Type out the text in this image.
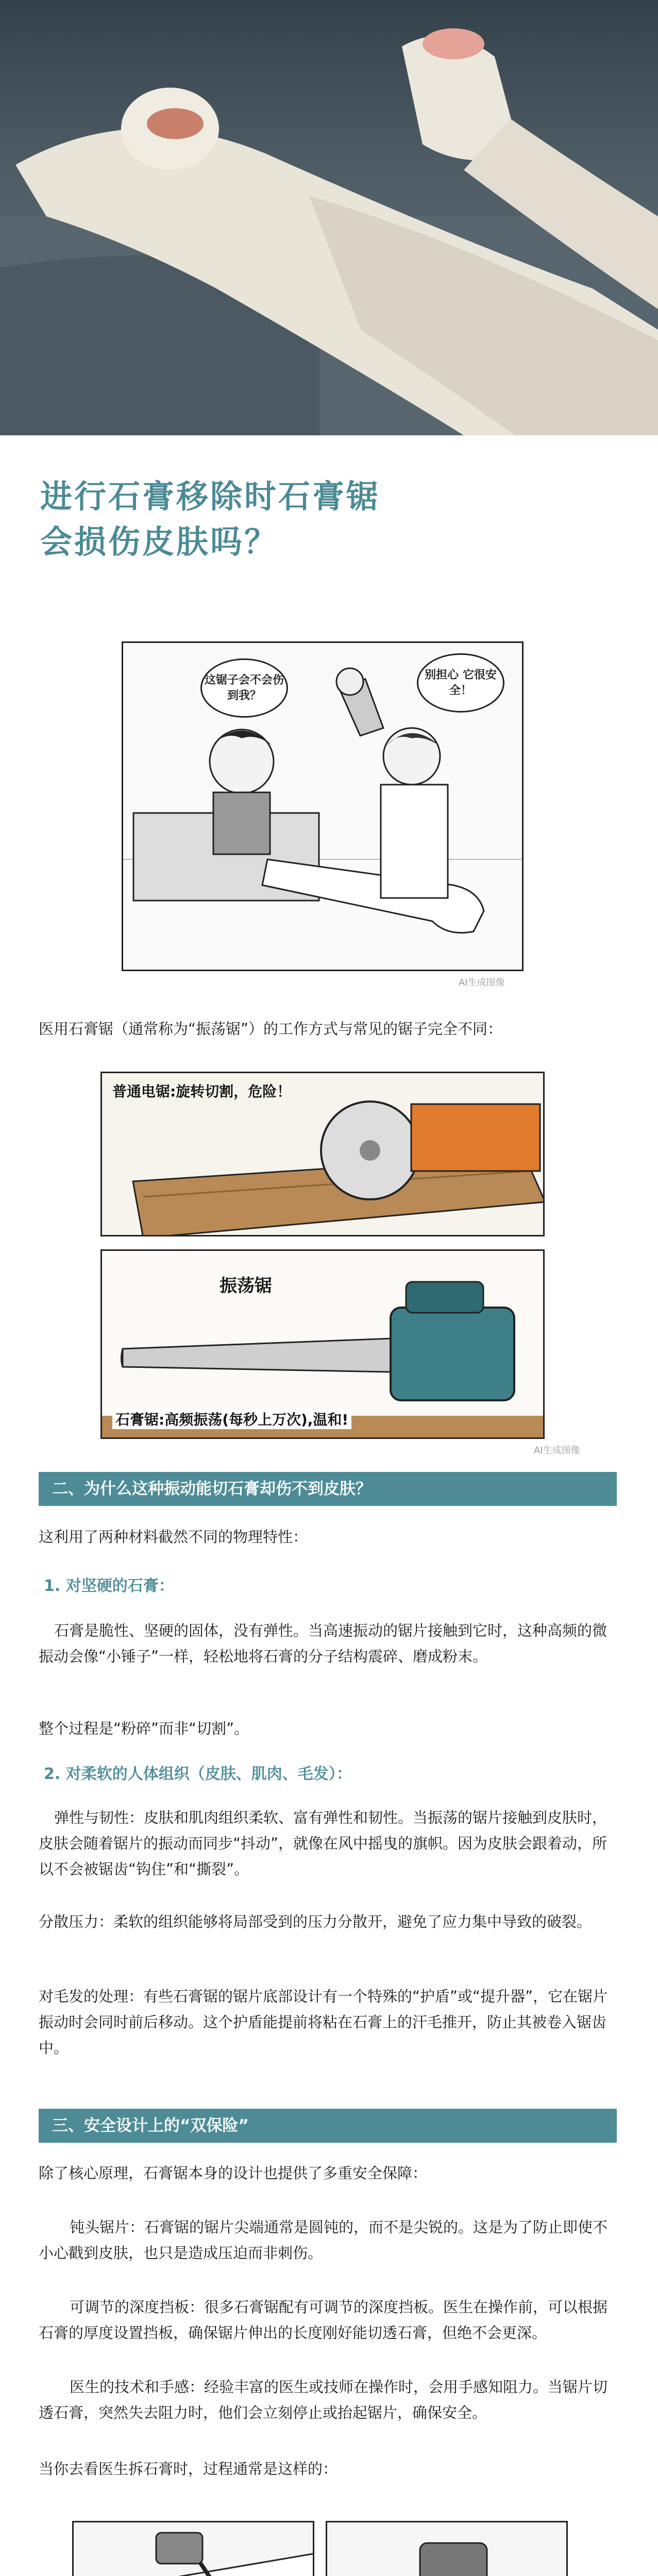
进行石膏移除时石膏锯
会损伤皮肤吗？
这锯子会不会伤到我？
别担心 它很安全！
AI生成图像

医用石膏锯（通常称为“振荡锯”）的工作方式与常见的锯子完全不同：

普通电锯:旋转切割，危险！
振荡锯
石膏锯:高频振荡(每秒上万次),温和!
AI生成图像
二、为什么这种振动能切石膏却伤不到皮肤？

这利用了两种材料截然不同的物理特性：

1. 对坚硬的石膏：

石膏是脆性、坚硬的固体，没有弹性。当高速振动的锯片接触到它时，这种高频的微振动会像“小锤子”一样，轻松地将石膏的分子结构震碎、磨成粉末。

整个过程是“粉碎”而非“切割”。

2. 对柔软的人体组织（皮肤、肌肉、毛发）：

弹性与韧性：皮肤和肌肉组织柔软、富有弹性和韧性。当振荡的锯片接触到皮肤时，皮肤会随着锯片的振动而同步“抖动”，就像在风中摇曳的旗帜。因为皮肤会跟着动，所以不会被锯齿“钩住”和“撕裂”。

分散压力：柔软的组织能够将局部受到的压力分散开，避免了应力集中导致的破裂。

对毛发的处理：有些石膏锯的锯片底部设计有一个特殊的“护盾”或“提升器”，它在锯片振动时会同时前后移动。这个护盾能提前将粘在石膏上的汗毛推开，防止其被卷入锯齿中。

三、安全设计上的“双保险”

除了核心原理，石膏锯本身的设计也提供了多重安全保障：

钝头锯片：石膏锯的锯片尖端通常是圆钝的，而不是尖锐的。这是为了防止即使不小心戳到皮肤，也只是造成压迫而非刺伤。

可调节的深度挡板：很多石膏锯配有可调节的深度挡板。医生在操作前，可以根据石膏的厚度设置挡板，确保锯片伸出的长度刚好能切透石膏，但绝不会更深。

医生的技术和手感：经验丰富的医生或技师在操作时，会用手感知阻力。当锯片切透石膏，突然失去阻力时，他们会立刻停止或抬起锯片，确保安全。

当你去看医生拆石膏时，过程通常是这样的：
